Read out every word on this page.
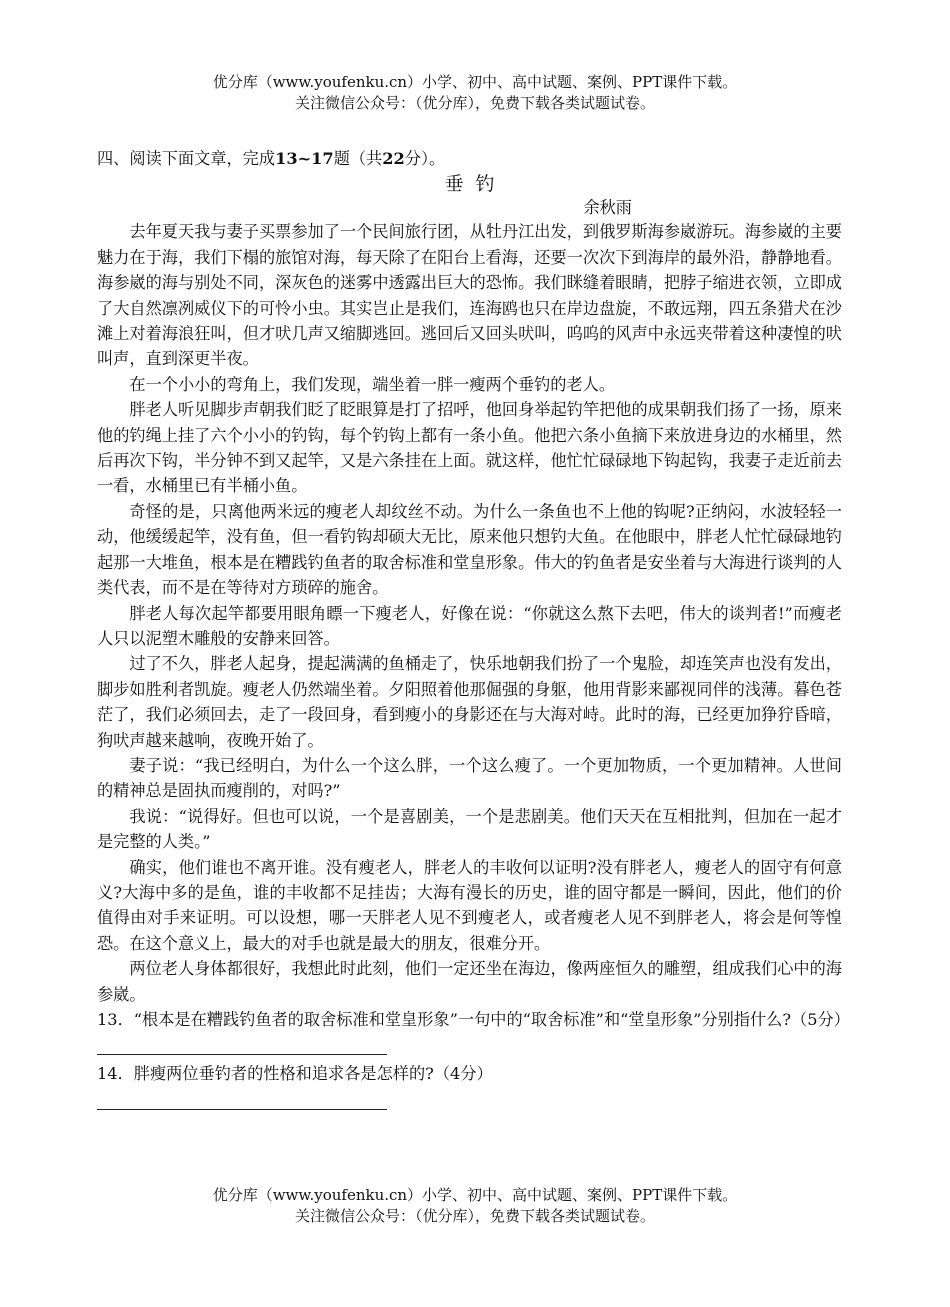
优分库（www.youfenku.cn）小学、初中、高中试题、案例、PPT课件下载。
关注微信公众号：（优分库），免费下载各类试题试卷。

四、阅读下面文章，完成13~17题（共22分）。

垂钓

余秋雨

去年夏天我与妻子买票参加了一个民间旅行团，从牡丹江出发，到俄罗斯海参崴游玩。海参崴的主要魅力在于海，我们下榻的旅馆对海，每天除了在阳台上看海，还要一次次下到海岸的最外沿，静静地看。海参崴的海与别处不同，深灰色的迷雾中透露出巨大的恐怖。我们眯缝着眼睛，把脖子缩进衣领，立即成了大自然凛冽威仪下的可怜小虫。其实岂止是我们，连海鸥也只在岸边盘旋，不敢远翔，四五条猎犬在沙滩上对着海浪狂叫，但才吠几声又缩脚逃回。逃回后又回头吠叫，呜呜的风声中永远夹带着这种凄惶的吠叫声，直到深更半夜。

在一个小小的弯角上，我们发现，端坐着一胖一瘦两个垂钓的老人。

胖老人听见脚步声朝我们眨了眨眼算是打了招呼，他回身举起钓竿把他的成果朝我们扬了一扬，原来他的钓绳上挂了六个小小的钓钩，每个钓钩上都有一条小鱼。他把六条小鱼摘下来放进身边的水桶里，然后再次下钩，半分钟不到又起竿，又是六条挂在上面。就这样，他忙忙碌碌地下钩起钩，我妻子走近前去一看，水桶里已有半桶小鱼。

奇怪的是，只离他两米远的瘦老人却纹丝不动。为什么一条鱼也不上他的钩呢?正纳闷，水波轻轻一动，他缓缓起竿，没有鱼，但一看钓钩却硕大无比，原来他只想钓大鱼。在他眼中，胖老人忙忙碌碌地钓起那一大堆鱼，根本是在糟践钓鱼者的取舍标准和堂皇形象。伟大的钓鱼者是安坐着与大海进行谈判的人类代表，而不是在等待对方琐碎的施舍。

胖老人每次起竿都要用眼角瞟一下瘦老人，好像在说：“你就这么熬下去吧，伟大的谈判者!”而瘦老人只以泥塑木雕般的安静来回答。

过了不久，胖老人起身，提起满满的鱼桶走了，快乐地朝我们扮了一个鬼脸，却连笑声也没有发出，脚步如胜利者凯旋。瘦老人仍然端坐着。夕阳照着他那倔强的身躯，他用背影来鄙视同伴的浅薄。暮色苍茫了，我们必须回去，走了一段回身，看到瘦小的身影还在与大海对峙。此时的海，已经更加狰狞昏暗，狗吠声越来越响，夜晚开始了。

妻子说：“我已经明白，为什么一个这么胖，一个这么瘦了。一个更加物质，一个更加精神。人世间的精神总是固执而瘦削的，对吗?”

我说：“说得好。但也可以说，一个是喜剧美，一个是悲剧美。他们天天在互相批判，但加在一起才是完整的人类。”

确实，他们谁也不离开谁。没有瘦老人，胖老人的丰收何以证明?没有胖老人，瘦老人的固守有何意义?大海中多的是鱼，谁的丰收都不足挂齿；大海有漫长的历史，谁的固守都是一瞬间，因此，他们的价值得由对手来证明。可以设想，哪一天胖老人见不到瘦老人，或者瘦老人见不到胖老人，将会是何等惶恐。在这个意义上，最大的对手也就是最大的朋友，很难分开。

两位老人身体都很好，我想此时此刻，他们一定还坐在海边，像两座恒久的雕塑，组成我们心中的海参崴。

13．“根本是在糟践钓鱼者的取舍标准和堂皇形象”一句中的“取舍标准”和“堂皇形象”分别指什么?（5分）

14．胖瘦两位垂钓者的性格和追求各是怎样的?（4分）

优分库（www.youfenku.cn）小学、初中、高中试题、案例、PPT课件下载。
关注微信公众号：（优分库），免费下载各类试题试卷。
